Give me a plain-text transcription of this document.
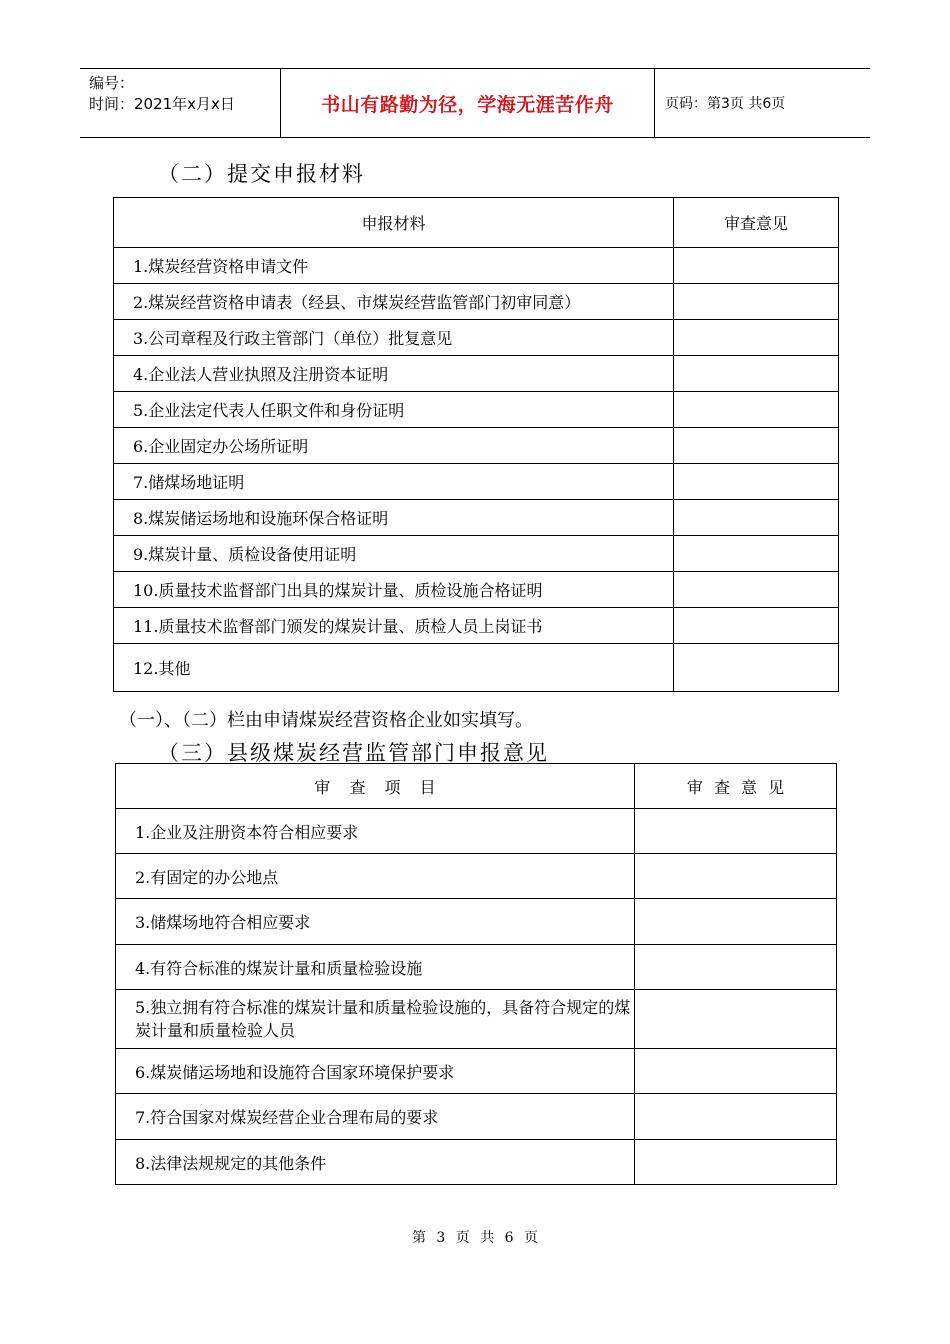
编号：
时间：2021年x月x日	书山有路勤为径，学海无涯苦作舟	页码：第3页 共6页
（二）提交申报材料
申报材料	审查意见
1.煤炭经营资格申请文件	
2.煤炭经营资格申请表（经县、市煤炭经营监管部门初审同意）	
3.公司章程及行政主管部门（单位）批复意见	
4.企业法人营业执照及注册资本证明	
5.企业法定代表人任职文件和身份证明	
6.企业固定办公场所证明	
7.储煤场地证明	
8.煤炭储运场地和设施环保合格证明	
9.煤炭计量、质检设备使用证明	
10.质量技术监督部门出具的煤炭计量、质检设施合格证明	
11.质量技术监督部门颁发的煤炭计量、质检人员上岗证书	
12.其他	
（一）、（二）栏由申请煤炭经营资格企业如实填写。
（三）县级煤炭经营监管部门申报意见
审 查 项 目	审 查 意 见
1.企业及注册资本符合相应要求	
2.有固定的办公地点	
3.储煤场地符合相应要求	
4.有符合标准的煤炭计量和质量检验设施	

5.独立拥有符合标准的煤炭计量和质量检验设施的，具备符合规定的煤炭计量和质量检验人员	

6.煤炭储运场地和设施符合国家环境保护要求	
7.符合国家对煤炭经营企业合理布局的要求	
8.法律法规规定的其他条件	
第 3 页 共 6 页
